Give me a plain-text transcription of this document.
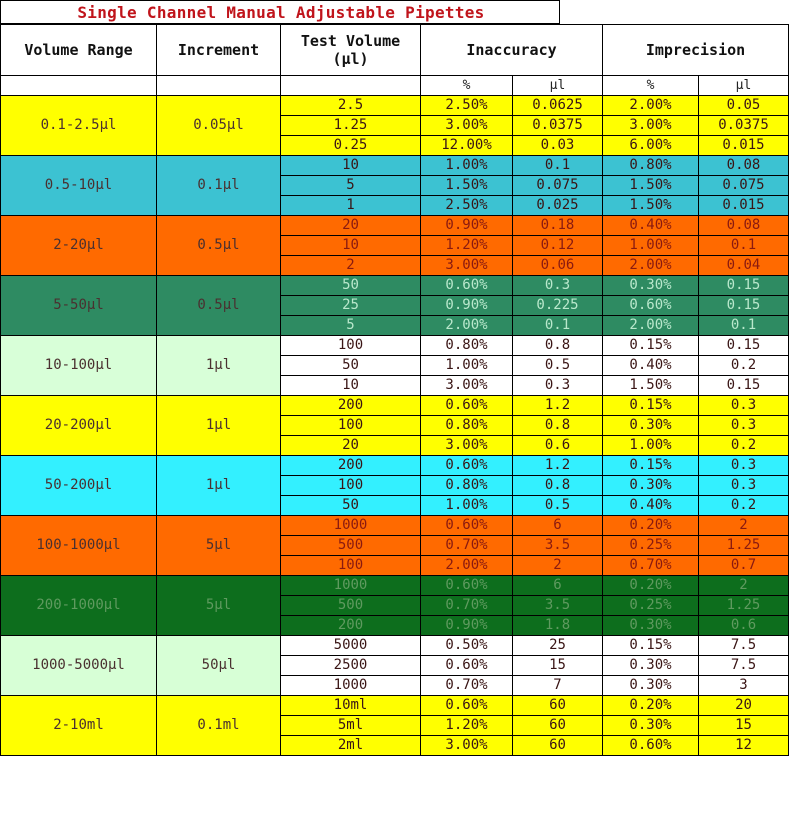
Single Channel Manual Adjustable Pipettes
Volume Range	Increment	Test Volume (μl)	Inaccuracy		Imprecision	
			%	μl	%	μl
0.1-2.5μl	0.05μl	2.5	2.50%	0.0625	2.00%	0.05
		1.25	3.00%	0.0375	3.00%	0.0375
		0.25	12.00%	0.03	6.00%	0.015
0.5-10μl	0.1μl	10	1.00%	0.1	0.80%	0.08
		5	1.50%	0.075	1.50%	0.075
		1	2.50%	0.025	1.50%	0.015
2-20μl	0.5μl	20	0.90%	0.18	0.40%	0.08
		10	1.20%	0.12	1.00%	0.1
		2	3.00%	0.06	2.00%	0.04
5-50μl	0.5μl	50	0.60%	0.3	0.30%	0.15
		25	0.90%	0.225	0.60%	0.15
		5	2.00%	0.1	2.00%	0.1
10-100μl	1μl	100	0.80%	0.8	0.15%	0.15
		50	1.00%	0.5	0.40%	0.2
		10	3.00%	0.3	1.50%	0.15
20-200μl	1μl	200	0.60%	1.2	0.15%	0.3
		100	0.80%	0.8	0.30%	0.3
		20	3.00%	0.6	1.00%	0.2
50-200μl	1μl	200	0.60%	1.2	0.15%	0.3
		100	0.80%	0.8	0.30%	0.3
		50	1.00%	0.5	0.40%	0.2
100-1000μl	5μl	1000	0.60%	6	0.20%	2
		500	0.70%	3.5	0.25%	1.25
		100	2.00%	2	0.70%	0.7
200-1000μl	5μl	1000	0.60%	6	0.20%	2
		500	0.70%	3.5	0.25%	1.25
		200	0.90%	1.8	0.30%	0.6
1000-5000μl	50μl	5000	0.50%	25	0.15%	7.5
		2500	0.60%	15	0.30%	7.5
		1000	0.70%	7	0.30%	3
2-10ml	0.1ml	10ml	0.60%	60	0.20%	20
		5ml	1.20%	60	0.30%	15
		2ml	3.00%	60	0.60%	12
